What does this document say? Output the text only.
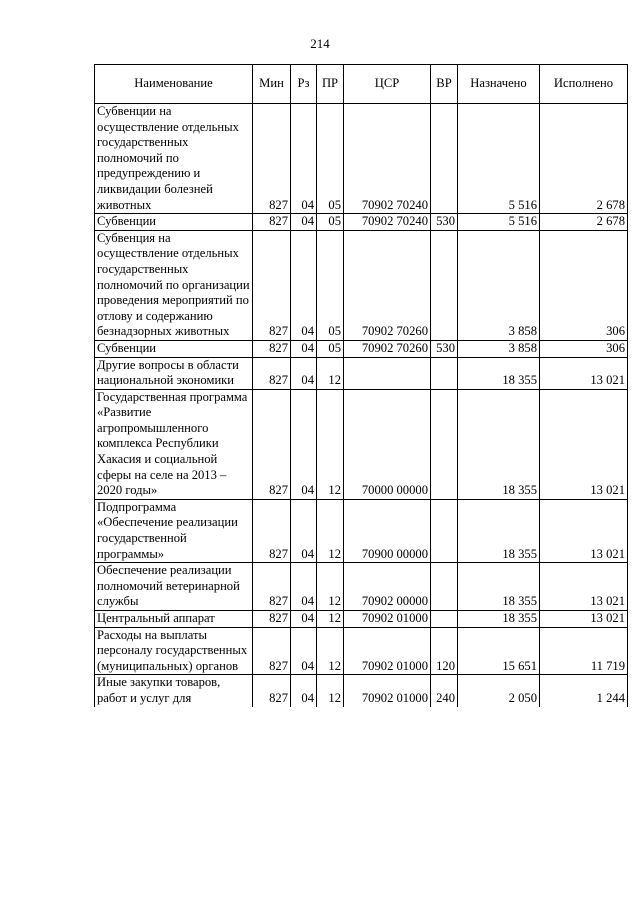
214
Наименование	Мин	Рз	ПР	ЦСР	ВР	Назначено	Исполнено
Субвенции на осуществление отдельных государственных полномочий по предупреждению и ликвидации болезней животных	827	04	05	70902 70240		5 516	2 678
Субвенции	827	04	05	70902 70240	530	5 516	2 678
Субвенция на осуществление отдельных государственных полномочий по организации проведения мероприятий по отлову и содержанию безнадзорных животных	827	04	05	70902 70260		3 858	306
Субвенции	827	04	05	70902 70260	530	3 858	306
Другие вопросы в области национальной экономики	827	04	12			18 355	13 021
Государственная программа «Развитие агропромышленного комплекса Республики Хакасия и социальной сферы на селе на 2013 – 2020 годы»	827	04	12	70000 00000		18 355	13 021
Подпрограмма «Обеспечение реализации государственной программы»	827	04	12	70900 00000		18 355	13 021
Обеспечение реализации полномочий ветеринарной службы	827	04	12	70902 00000		18 355	13 021
Центральный аппарат	827	04	12	70902 01000		18 355	13 021
Расходы на выплаты персоналу государственных (муниципальных) органов	827	04	12	70902 01000	120	15 651	11 719
Иные закупки товаров, работ и услуг для	827	04	12	70902 01000	240	2 050	1 244
